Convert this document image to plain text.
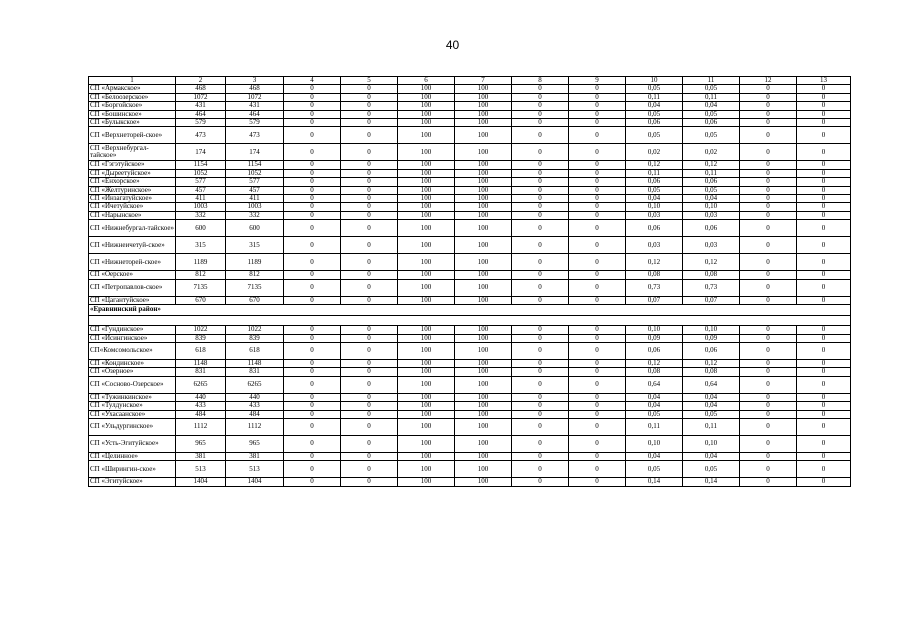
40
1	2	3	4	5	6	7	8	9	10	11	12	13
СП «Армакское»	468	468	0	0	100	100	0	0	0,05	0,05	0	0
СП «Белоозерское»	1072	1072	0	0	100	100	0	0	0,11	0,11	0	0
СП «Боргойское»	431	431	0	0	100	100	0	0	0,04	0,04	0	0
СП «Бошинское»	464	464	0	0	100	100	0	0	0,05	0,05	0	0
СП «Булыкское»	579	579	0	0	100	100	0	0	0,06	0,06	0	0
СП «Верхнеторей-ское»	473	473	0	0	100	100	0	0	0,05	0,05	0	0
СП «Верхнебургал-тайское»	174	174	0	0	100	100	0	0	0,02	0,02	0	0
СП «Гэгэтуйское»	1154	1154	0	0	100	100	0	0	0,12	0,12	0	0
СП «Дыреетуйское»	1052	1052	0	0	100	100	0	0	0,11	0,11	0	0
СП «Енхорское»	577	577	0	0	100	100	0	0	0,06	0,06	0	0
СП «Желтуринское»	457	457	0	0	100	100	0	0	0,05	0,05	0	0
СП «Инзагатуйское»	411	411	0	0	100	100	0	0	0,04	0,04	0	0
СП «Ичетуйское»	1003	1003	0	0	100	100	0	0	0,10	0,10	0	0
СП «Нарынское»	332	332	0	0	100	100	0	0	0,03	0,03	0	0
СП «Нижнебургал-тайское»	600	600	0	0	100	100	0	0	0,06	0,06	0	0
СП «Нижнеичетуй-ское»	315	315	0	0	100	100	0	0	0,03	0,03	0	0
СП «Нижнеторей-ское»	1189	1189	0	0	100	100	0	0	0,12	0,12	0	0
СП «Оерское»	812	812	0	0	100	100	0	0	0,08	0,08	0	0
СП «Петропавлов-ское»	7135	7135	0	0	100	100	0	0	0,73	0,73	0	0
СП «Цагантуйское»	670	670	0	0	100	100	0	0	0,07	0,07	0	0
«Еравнинский район»												

СП «Гундинское»	1022	1022	0	0	100	100	0	0	0,10	0,10	0	0
СП «Исингинское»	839	839	0	0	100	100	0	0	0,09	0,09	0	0
СП«Комсомольское»	618	618	0	0	100	100	0	0	0,06	0,06	0	0
СП «Кондинское»	1148	1148	0	0	100	100	0	0	0,12	0,12	0	0
СП «Озерное»	831	831	0	0	100	100	0	0	0,08	0,08	0	0
СП «Сосново-Озерское»	6265	6265	0	0	100	100	0	0	0,64	0,64	0	0
СП «Тужинкинское»	440	440	0	0	100	100	0	0	0,04	0,04	0	0
СП «Тулдунское»	433	433	0	0	100	100	0	0	0,04	0,04	0	0
СП «Ухасаанское»	484	484	0	0	100	100	0	0	0,05	0,05	0	0
СП «Ульдургинское»	1112	1112	0	0	100	100	0	0	0,11	0,11	0	0
СП «Усть-Эгитуйское»	965	965	0	0	100	100	0	0	0,10	0,10	0	0
СП «Целинное»	381	381	0	0	100	100	0	0	0,04	0,04	0	0
СП «Ширингин-ское»	513	513	0	0	100	100	0	0	0,05	0,05	0	0
СП «Эгитуйское»	1404	1404	0	0	100	100	0	0	0,14	0,14	0	0
